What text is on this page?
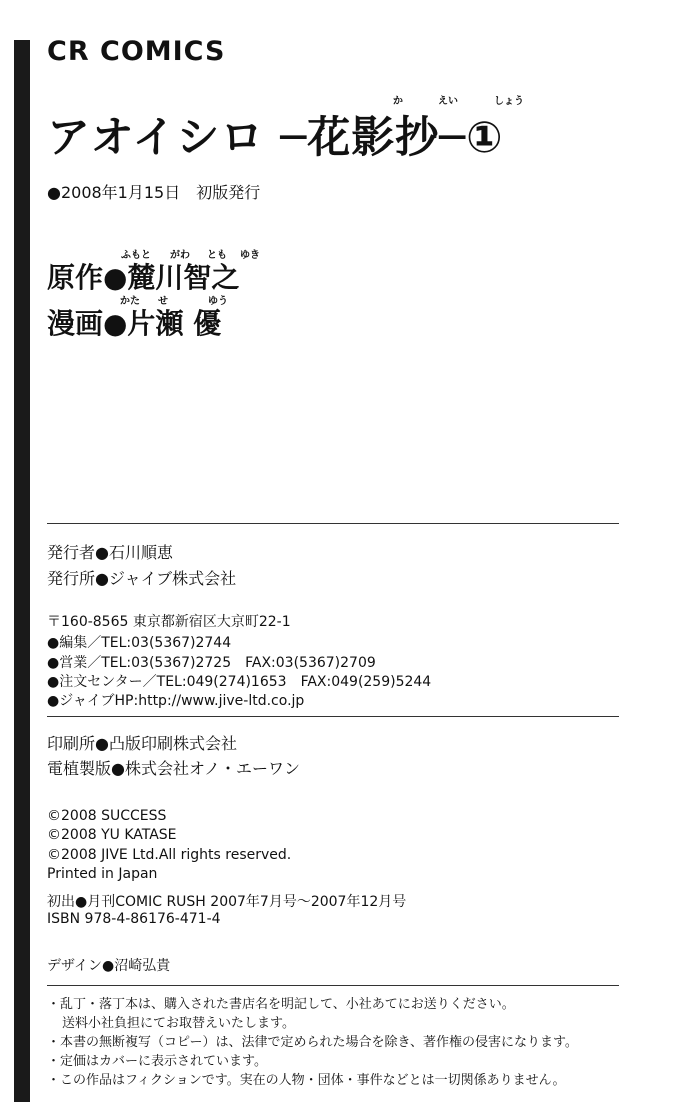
CR COMICS
か	えい	しょう
アオイシロ ─花影抄─①
●2008年1月15日　初版発行
ふもと がわ とも ゆき
原作●麓川智之
かた せ	ゆう
漫画●片瀬 優
発行者●石川順恵
発行所●ジャイブ株式会社
〒160-8565 東京都新宿区大京町22-1
●編集／TEL:03(5367)2744
●営業／TEL:03(5367)2725　FAX:03(5367)2709
●注文センター／TEL:049(274)1653　FAX:049(259)5244
●ジャイブHP:http://www.jive-ltd.co.jp
印刷所●凸版印刷株式会社
電植製版●株式会社オノ・エーワン
©2008 SUCCESS
©2008 YU KATASE
©2008 JIVE Ltd.All rights reserved.
Printed in Japan
初出●月刊COMIC RUSH 2007年7月号～2007年12月号
ISBN 978-4-86176-471-4
デザイン●沼崎弘貴
・乱丁・落丁本は、購入された書店名を明記して、小社あてにお送りください。
送料小社負担にてお取替えいたします。
・本書の無断複写（コピー）は、法律で定められた場合を除き、著作権の侵害になります。
・定価はカバーに表示されています。
・この作品はフィクションです。実在の人物・団体・事件などとは一切関係ありません。
